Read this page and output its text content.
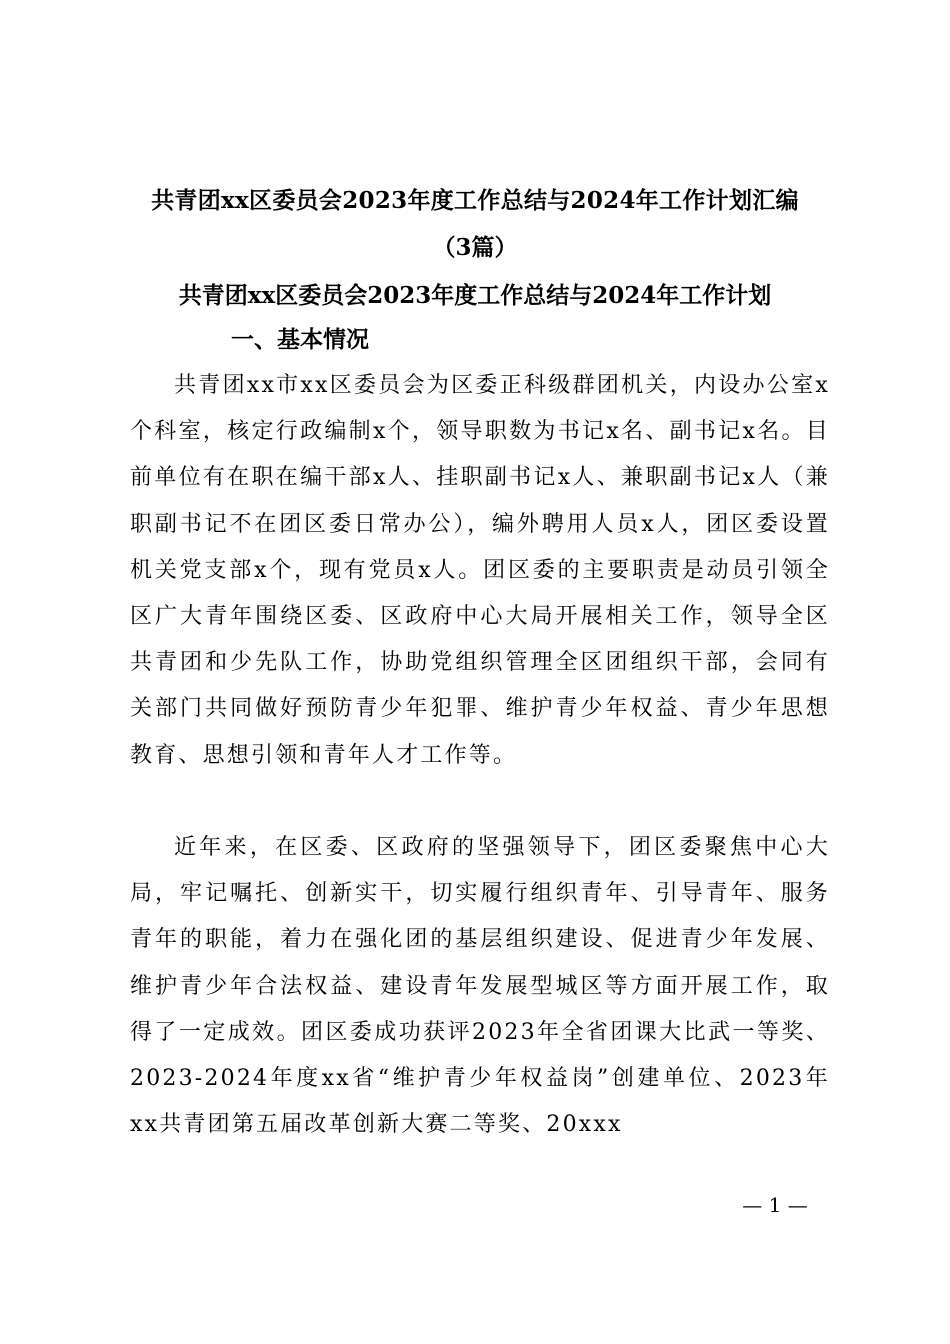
共青团xx区委员会2023年度工作总结与2024年工作计划汇编
（3篇）
共青团xx区委员会2023年度工作总结与2024年工作计划
一、基本情况

共青团xx市xx区委员会为区委正科级群团机关，内设办公室x个科室，核定行政编制x个，领导职数为书记x名、副书记x名。目前单位有在职在编干部x人、挂职副书记x人、兼职副书记x人（兼职副书记不在团区委日常办公），编外聘用人员x人，团区委设置机关党支部x个，现有党员x人。团区委的主要职责是动员引领全区广大青年围绕区委、区政府中心大局开展相关工作，领导全区共青团和少先队工作，协助党组织管理全区团组织干部，会同有关部门共同做好预防青少年犯罪、维护青少年权益、青少年思想教育、思想引领和青年人才工作等。

近年来，在区委、区政府的坚强领导下，团区委聚焦中心大局，牢记嘱托、创新实干，切实履行组织青年、引导青年、服务青年的职能，着力在强化团的基层组织建设、促进青少年发展、维护青少年合法权益、建设青年发展型城区等方面开展工作，取得了一定成效。团区委成功获评2023年全省团课大比武一等奖、2023-2024年度xx省“维护青少年权益岗”创建单位、2023年xx共青团第五届改革创新大赛二等奖、20xxx

— 1 —
